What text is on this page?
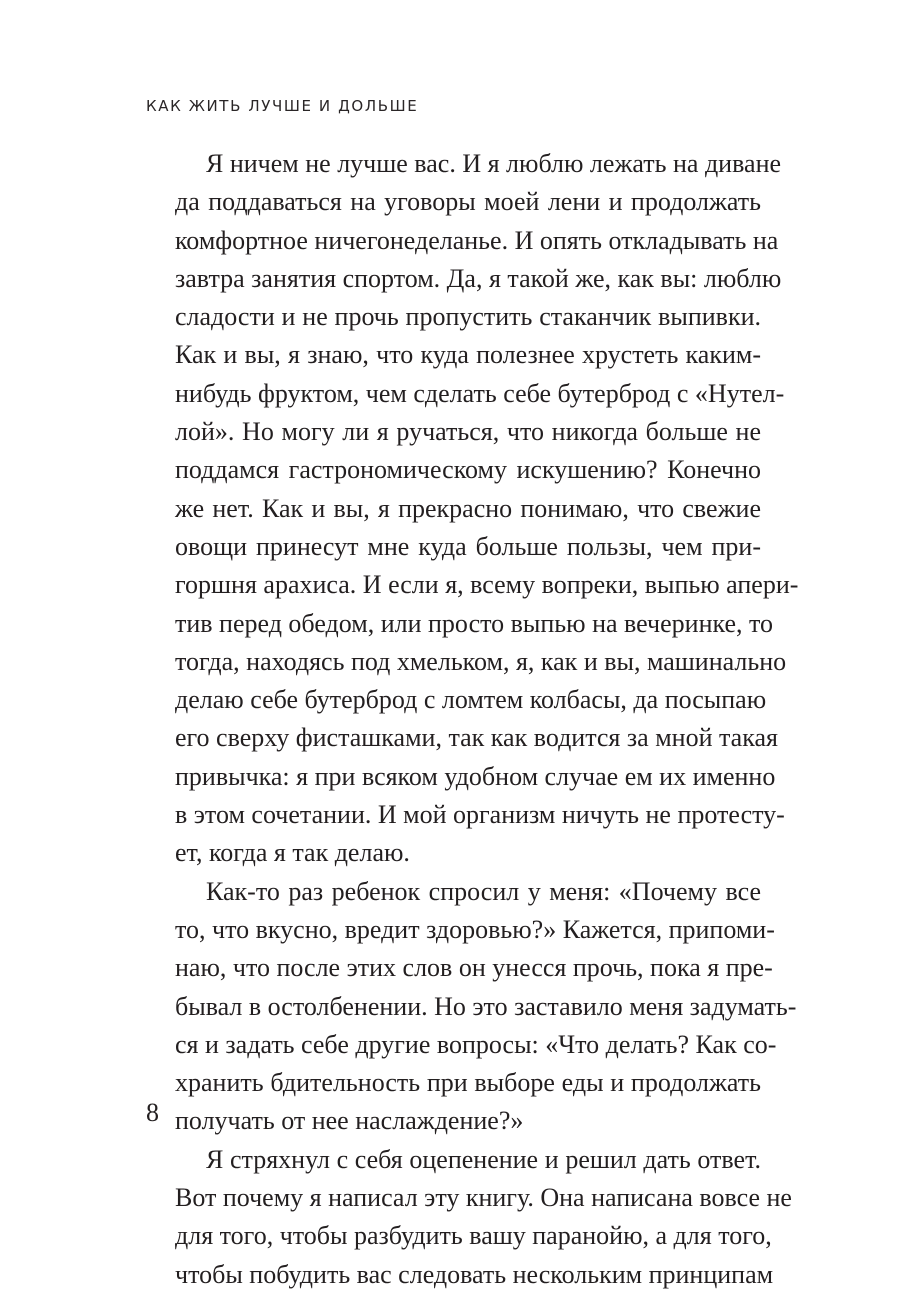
КАК ЖИТЬ ЛУЧШЕ И ДОЛЬШЕ

Я ничем не лучше вас. И я люблю лежать на диване
да поддаваться на уговоры моей лени и продолжать
комфортное ничегонеделанье. И опять откладывать на
завтра занятия спортом. Да, я такой же, как вы: люблю
сладости и не прочь пропустить стаканчик выпивки.
Как и вы, я знаю, что куда полезнее хрустеть каким-
нибудь фруктом, чем сделать себе бутерброд с «Нутел-
лой». Но могу ли я ручаться, что никогда больше не
поддамся гастрономическому искушению? Конечно
же нет. Как и вы, я прекрасно понимаю, что свежие
овощи принесут мне куда больше пользы, чем при-
горшня арахиса. И если я, всему вопреки, выпью апери-
тив перед обедом, или просто выпью на вечеринке, то
тогда, находясь под хмельком, я, как и вы, машинально
делаю себе бутерброд с ломтем колбасы, да посыпаю
его сверху фисташками, так как водится за мной такая
привычка: я при всяком удобном случае ем их именно
в этом сочетании. И мой организм ничуть не протесту-
ет, когда я так делаю.
Как-то раз ребенок спросил у меня: «Почему все
то, что вкусно, вредит здоровью?» Кажется, припоми-
наю, что после этих слов он унесся прочь, пока я пре-
бывал в остолбенении. Но это заставило меня задумать-
ся и задать себе другие вопросы: «Что делать? Как со-
хранить бдительность при выборе еды и продолжать
получать от нее наслаждение?»
Я стряхнул с себя оцепенение и решил дать ответ.
Вот почему я написал эту книгу. Она написана вовсе не
для того, чтобы разбудить вашу паранойю, а для того,
чтобы побудить вас следовать нескольким принципам

8
